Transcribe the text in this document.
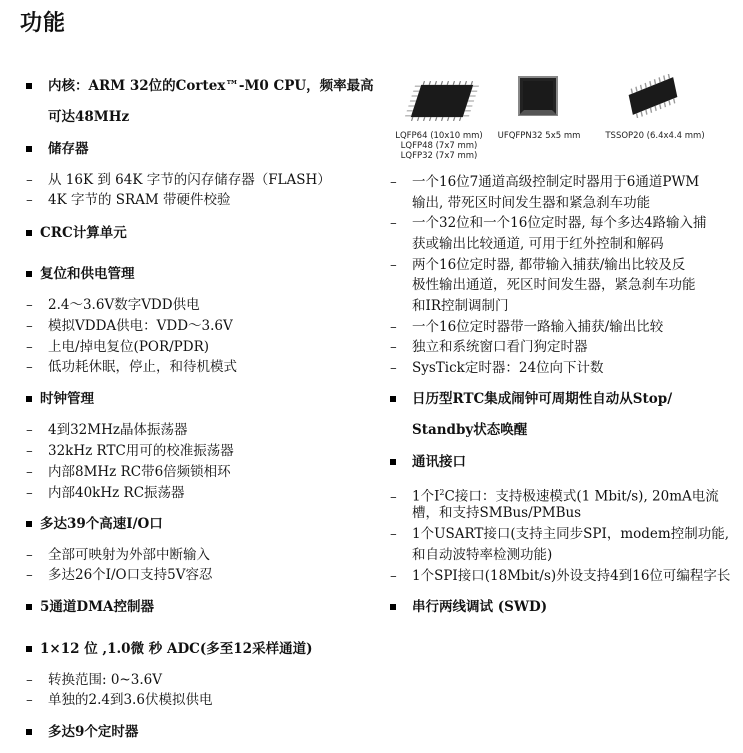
功能
内核：ARM 32位的Cortex™-M0 CPU，频率最高
可达48MHz
储存器
– 从 16K 到 64K 字节的闪存储存器（FLASH）
– 4K 字节的 SRAM 带硬件校验
CRC计算单元
复位和供电管理
– 2.4～3.6V数字VDD供电
– 模拟VDDA供电：VDD～3.6V
– 上电/掉电复位(POR/PDR)
– 低功耗休眠，停止，和待机模式
时钟管理
– 4到32MHz晶体振荡器
– 32kHz RTC用可的校准振荡器
– 内部8MHz RC带6倍频锁相环
– 内部40kHz RC振荡器
多达39个高速I/O口
– 全部可映射为外部中断输入
– 多达26个I/O口支持5V容忍
5通道DMA控制器
1×12 位 ,1.0微 秒 ADC(多至12采样通道)
– 转换范围: 0~3.6V
– 单独的2.4到3.6伏模拟供电
多达9个定时器
LQFP64 (10x10 mm)
LQFP48 (7x7 mm)
LQFP32 (7x7 mm)
UFQFPN32 5x5 mm	TSSOP20 (6.4x4.4 mm)
– 一个16位7通道高级控制定时器用于6通道PWM
输出, 带死区时间发生器和紧急刹车功能
– 一个32位和一个16位定时器, 每个多达4路输入捕
获或输出比较通道, 可用于红外控制和解码
– 两个16位定时器, 都带输入捕获/输出比较及反
极性输出通道，死区时间发生器，紧急刹车功能
和IR控制调制门
– 一个16位定时器带一路输入捕获/输出比较
– 独立和系统窗口看门狗定时器
– SysTick定时器：24位向下计数
日历型RTC集成闹钟可周期性自动从Stop/
Standby状态唤醒
通讯接口
– 1个$I^2C$接口：支持极速模式(1 Mbit/s), 20mA电流
槽，和支持SMBus/PMBus
– 1个USART接口(支持主同步SPI，modem控制功能,
和自动波特率检测功能)
– 1个SPI接口(18Mbit/s)外设支持4到16位可编程字长
串行两线调试 (SWD)
